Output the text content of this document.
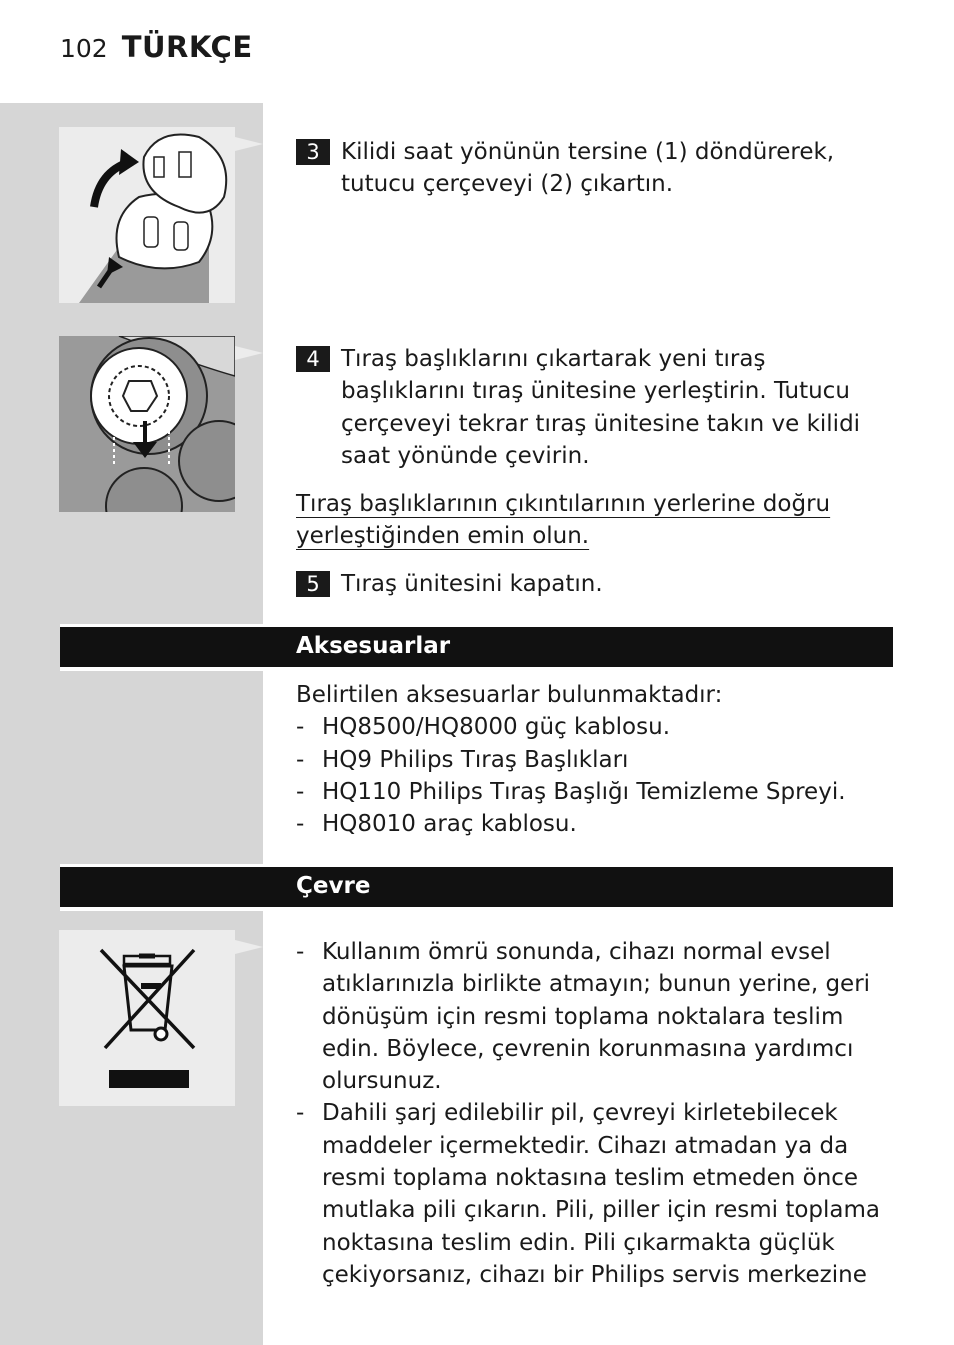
102 TÜRKÇE
3 Kilidi saat yönünün tersine (1) döndürerek, tutucu çerçeveyi (2) çıkartın.
4 Tıraş başlıklarını çıkartarak yeni tıraş başlıklarını tıraş ünitesine yerleştirin. Tutucu çerçeveyi tekrar tıraş ünitesine takın ve kilidi saat yönünde çevirin.
Tıraş başlıklarının çıkıntılarının yerlerine doğru
yerleştiğinden emin olun.
5 Tıraş ünitesini kapatın.
Aksesuarlar
Belirtilen aksesuarlar bulunmaktadır:
- HQ8500/HQ8000 güç kablosu.
- HQ9 Philips Tıraş Başlıkları
- HQ110 Philips Tıraş Başlığı Temizleme Spreyi.
- HQ8010 araç kablosu.
Çevre
- Kullanım ömrü sonunda, cihazı normal evsel atıklarınızla birlikte atmayın; bunun yerine, geri dönüşüm için resmi toplama noktalara teslim edin. Böylece, çevrenin korunmasına yardımcı olursunuz.
- Dahili şarj edilebilir pil, çevreyi kirletebilecek maddeler içermektedir. Cihazı atmadan ya da resmi toplama noktasına teslim etmeden önce mutlaka pili çıkarın. Pili, piller için resmi toplama noktasına teslim edin. Pili çıkarmakta güçlük çekiyorsanız, cihazı bir Philips servis merkezine
